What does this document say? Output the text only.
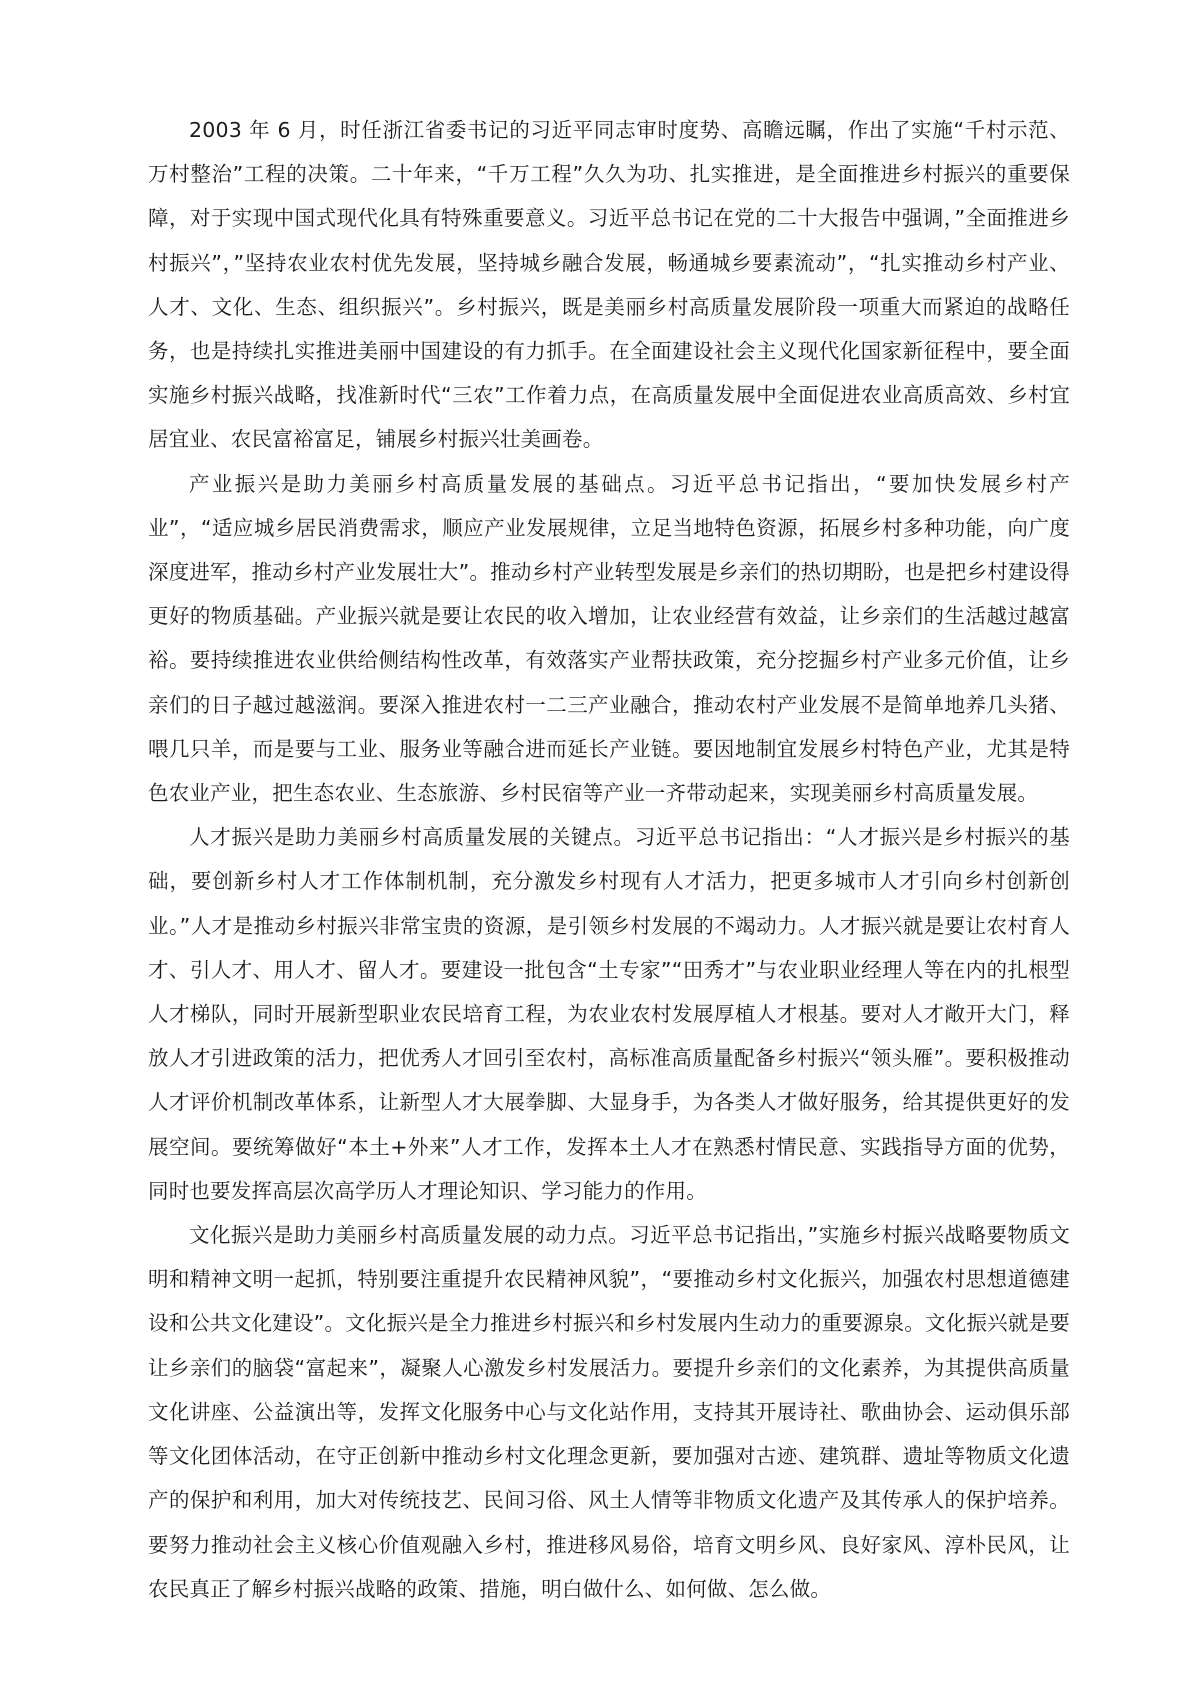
2003 年 6 月，时任浙江省委书记的习近平同志审时度势、高瞻远瞩，作出了实施“千村示范、万村整治”工程的决策。二十年来，“千万工程”久久为功、扎实推进，是全面推进乡村振兴的重要保障，对于实现中国式现代化具有特殊重要意义。习近平总书记在党的二十大报告中强调，”全面推进乡村振兴”，”坚持农业农村优先发展，坚持城乡融合发展，畅通城乡要素流动”，“扎实推动乡村产业、人才、文化、生态、组织振兴”。乡村振兴，既是美丽乡村高质量发展阶段一项重大而紧迫的战略任务，也是持续扎实推进美丽中国建设的有力抓手。在全面建设社会主义现代化国家新征程中，要全面实施乡村振兴战略，找准新时代“三农”工作着力点，在高质量发展中全面促进农业高质高效、乡村宜居宜业、农民富裕富足，铺展乡村振兴壮美画卷。

产业振兴是助力美丽乡村高质量发展的基础点。习近平总书记指出，“要加快发展乡村产业”，“适应城乡居民消费需求，顺应产业发展规律，立足当地特色资源，拓展乡村多种功能，向广度深度进军，推动乡村产业发展壮大”。推动乡村产业转型发展是乡亲们的热切期盼，也是把乡村建设得更好的物质基础。产业振兴就是要让农民的收入增加，让农业经营有效益，让乡亲们的生活越过越富裕。要持续推进农业供给侧结构性改革，有效落实产业帮扶政策，充分挖掘乡村产业多元价值，让乡亲们的日子越过越滋润。要深入推进农村一二三产业融合，推动农村产业发展不是简单地养几头猪、喂几只羊，而是要与工业、服务业等融合进而延长产业链。要因地制宜发展乡村特色产业，尤其是特色农业产业，把生态农业、生态旅游、乡村民宿等产业一齐带动起来，实现美丽乡村高质量发展。

人才振兴是助力美丽乡村高质量发展的关键点。习近平总书记指出：“人才振兴是乡村振兴的基础，要创新乡村人才工作体制机制，充分激发乡村现有人才活力，把更多城市人才引向乡村创新创业。”人才是推动乡村振兴非常宝贵的资源，是引领乡村发展的不竭动力。人才振兴就是要让农村育人才、引人才、用人才、留人才。要建设一批包含“土专家”“田秀才”与农业职业经理人等在内的扎根型人才梯队，同时开展新型职业农民培育工程，为农业农村发展厚植人才根基。要对人才敞开大门，释放人才引进政策的活力，把优秀人才回引至农村，高标准高质量配备乡村振兴“领头雁”。要积极推动人才评价机制改革体系，让新型人才大展拳脚、大显身手，为各类人才做好服务，给其提供更好的发展空间。要统筹做好“本土+外来”人才工作，发挥本土人才在熟悉村情民意、实践指导方面的优势，同时也要发挥高层次高学历人才理论知识、学习能力的作用。

文化振兴是助力美丽乡村高质量发展的动力点。习近平总书记指出，”实施乡村振兴战略要物质文明和精神文明一起抓，特别要注重提升农民精神风貌”，“要推动乡村文化振兴，加强农村思想道德建设和公共文化建设”。文化振兴是全力推进乡村振兴和乡村发展内生动力的重要源泉。文化振兴就是要让乡亲们的脑袋“富起来”，凝聚人心激发乡村发展活力。要提升乡亲们的文化素养，为其提供高质量文化讲座、公益演出等，发挥文化服务中心与文化站作用，支持其开展诗社、歌曲协会、运动俱乐部等文化团体活动，在守正创新中推动乡村文化理念更新，要加强对古迹、建筑群、遗址等物质文化遗产的保护和利用，加大对传统技艺、民间习俗、风土人情等非物质文化遗产及其传承人的保护培养。要努力推动社会主义核心价值观融入乡村，推进移风易俗，培育文明乡风、良好家风、淳朴民风，让农民真正了解乡村振兴战略的政策、措施，明白做什么、如何做、怎么做。
